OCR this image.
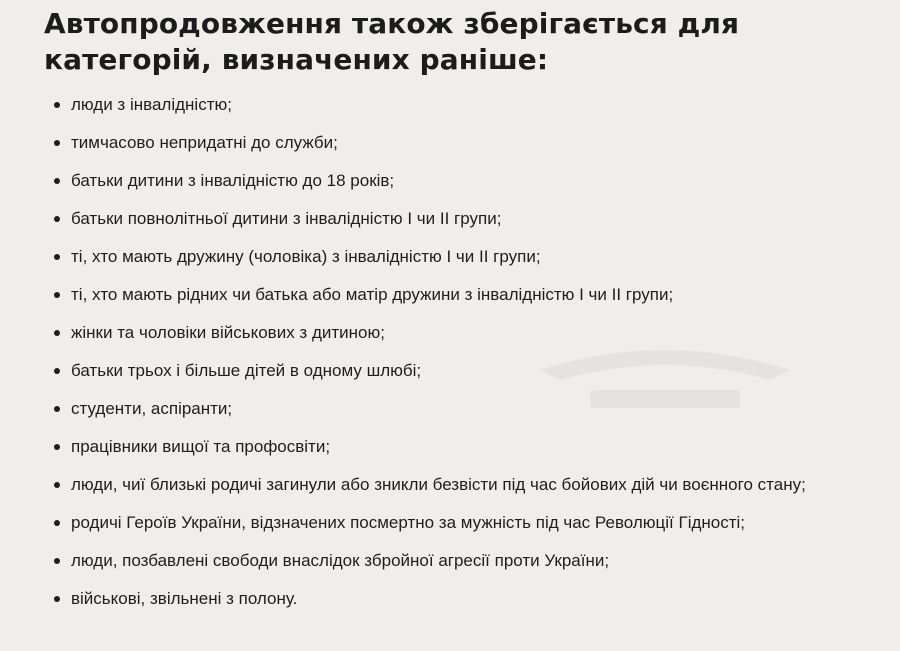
Автопродовження також зберігається для категорій, визначених раніше:
люди з інвалідністю;
тимчасово непридатні до служби;
батьки дитини з інвалідністю до 18 років;
батьки повнолітньої дитини з інвалідністю I чи II групи;
ті, хто мають дружину (чоловіка) з інвалідністю I чи II групи;
ті, хто мають рідних чи батька або матір дружини з інвалідністю I чи II групи;
жінки та чоловіки військових з дитиною;
батьки трьох і більше дітей в одному шлюбі;
студенти, аспіранти;
працівники вищої та профосвіти;
люди, чиї близькі родичі загинули або зникли безвісти під час бойових дій чи воєнного стану;
родичі Героїв України, відзначених посмертно за мужність під час Революції Гідності;
люди, позбавлені свободи внаслідок збройної агресії проти України;
військові, звільнені з полону.
